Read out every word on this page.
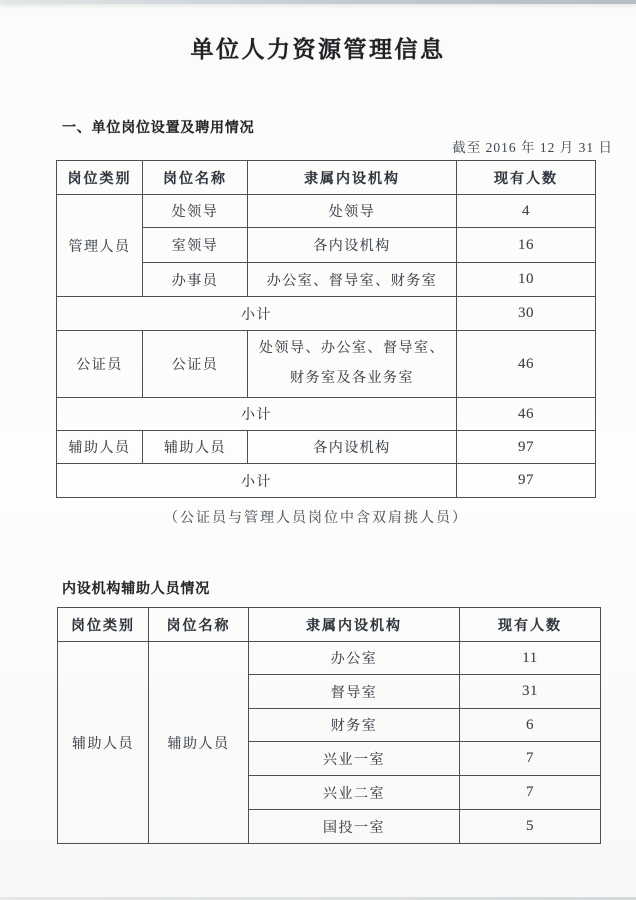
单位人力资源管理信息
一、单位岗位设置及聘用情况
截至 2016 年 12 月 31 日
岗位类别	岗位名称	隶属内设机构	现有人数
管理人员	处领导	处领导	4
	室领导	各内设机构	16
	办事员	办公室、督导室、财务室	10
小计			30
公证员	公证员	处领导、办公室、督导室、财务室及各业务室	46
小计			46
辅助人员	辅助人员	各内设机构	97
小计			97
（公证员与管理人员岗位中含双肩挑人员）
内设机构辅助人员情况
岗位类别	岗位名称	隶属内设机构	现有人数
辅助人员	辅助人员	办公室	11
		督导室	31
		财务室	6
		兴业一室	7
		兴业二室	7
		国投一室	5
